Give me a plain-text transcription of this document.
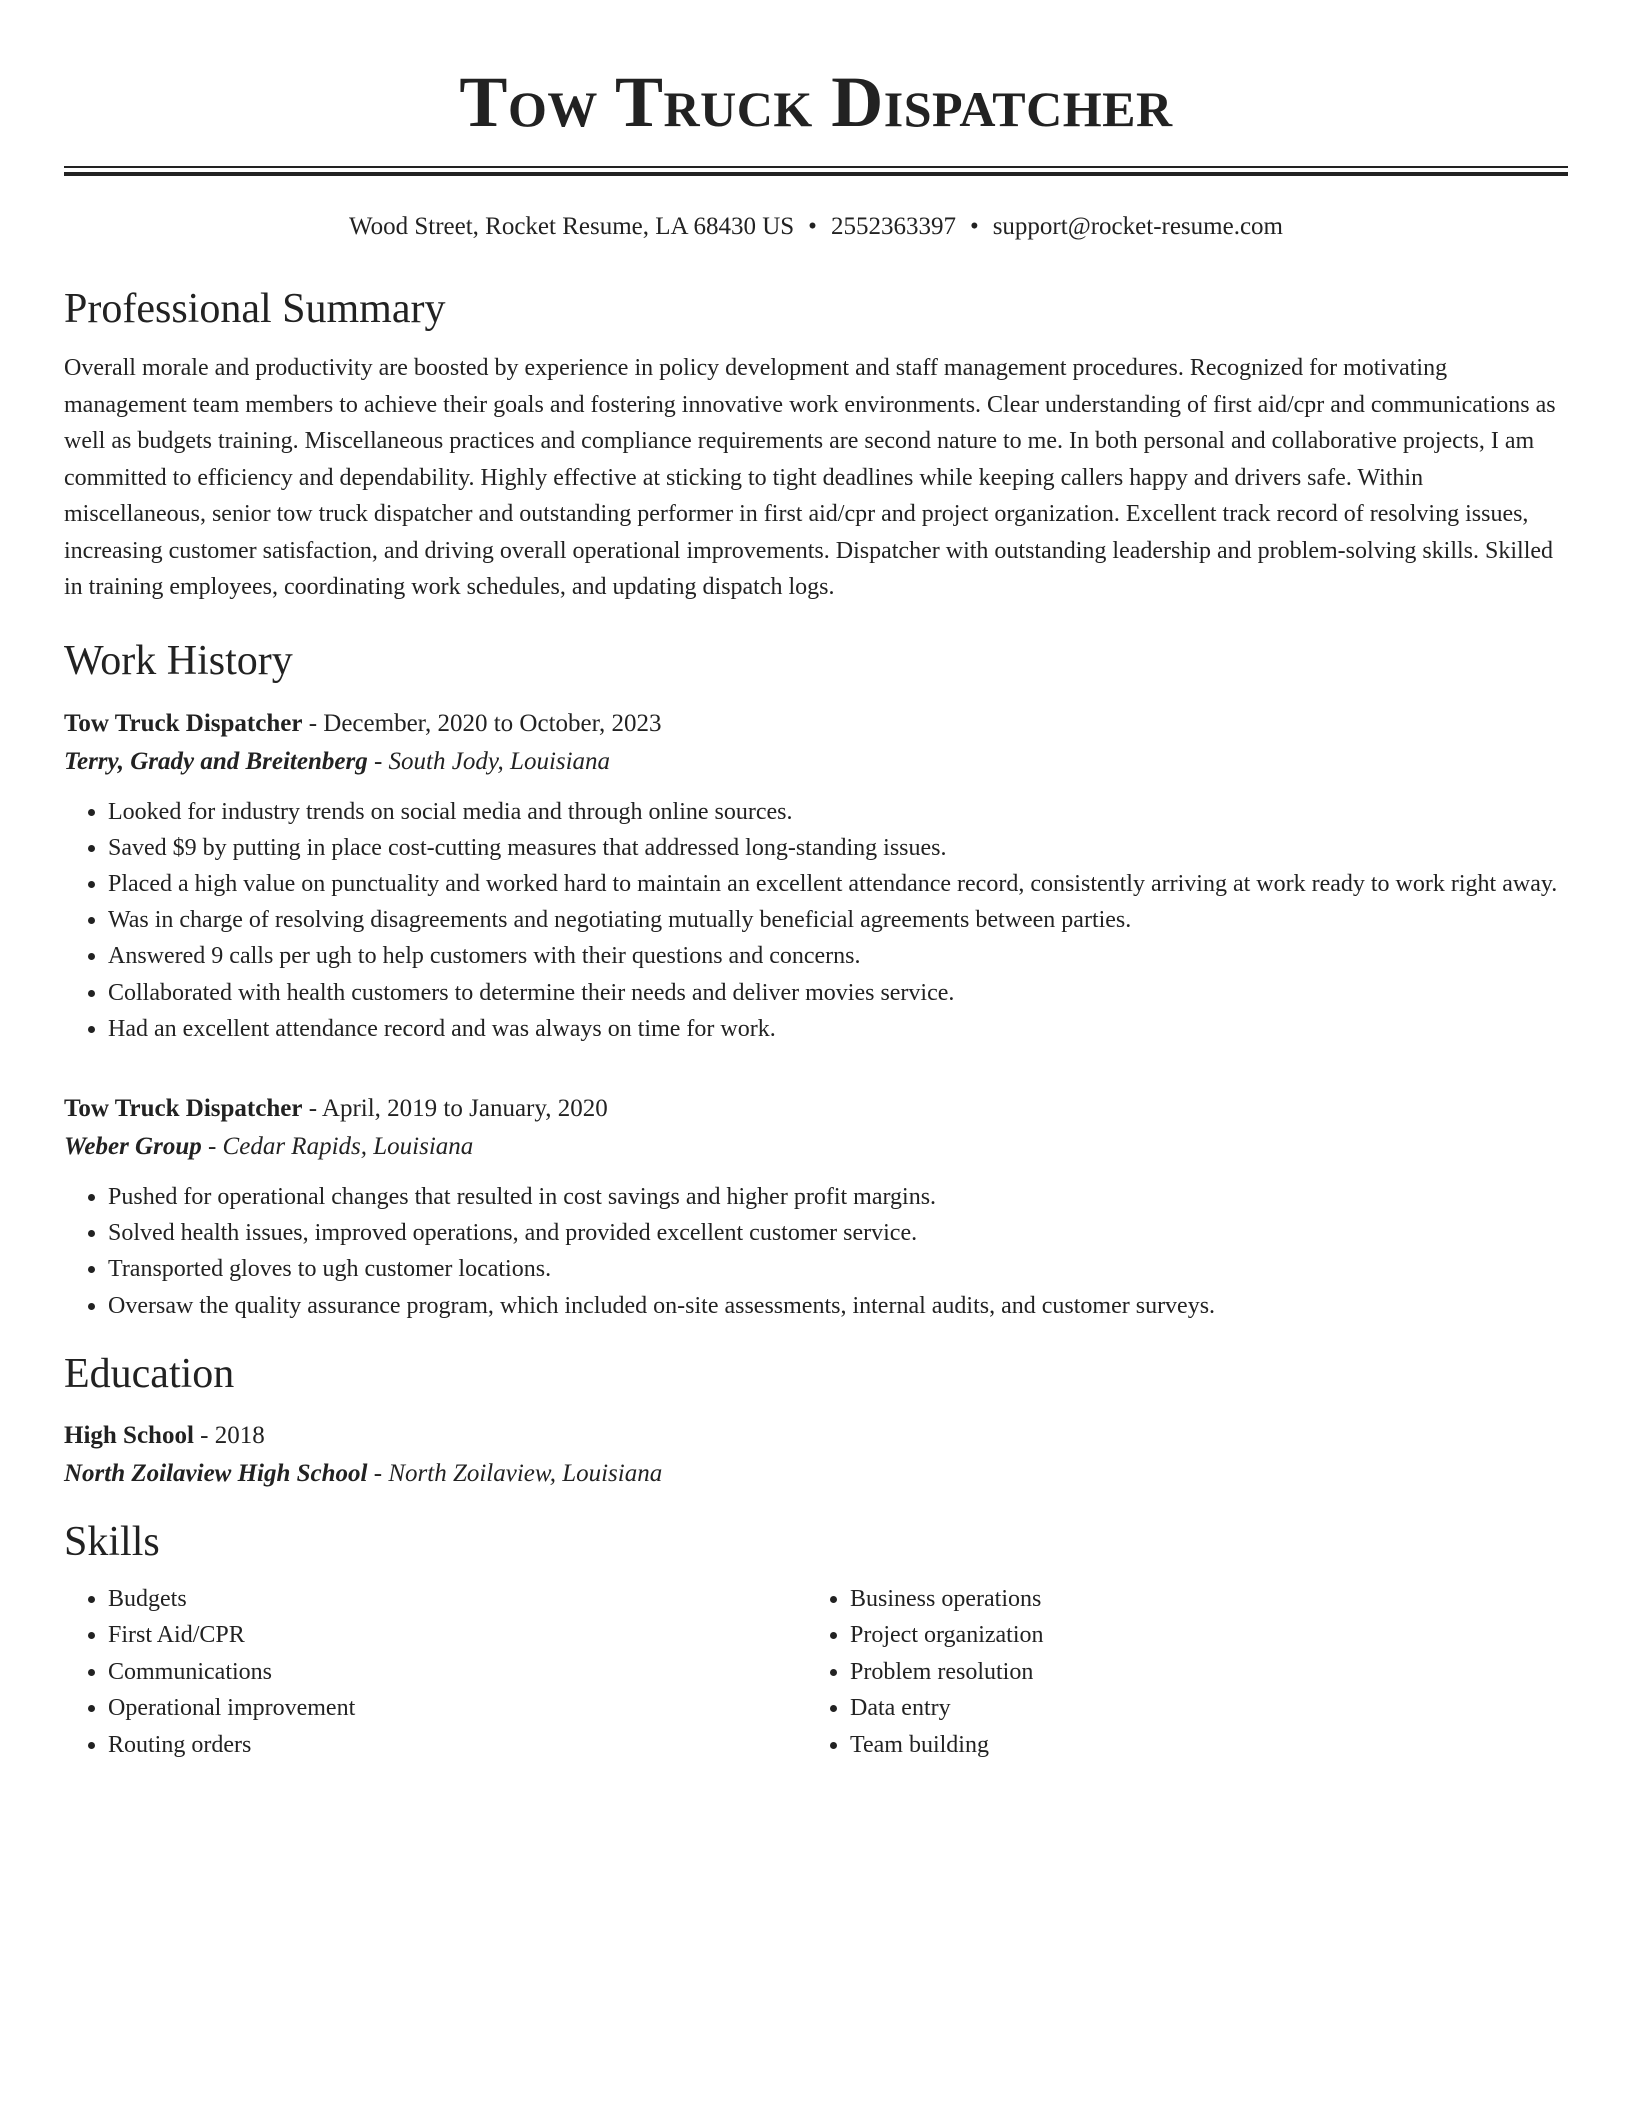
Tow Truck Dispatcher
Wood Street, Rocket Resume, LA 68430 US • 2552363397 • support@rocket-resume.com
Professional Summary
Overall morale and productivity are boosted by experience in policy development and staff management procedures. Recognized for motivating management team members to achieve their goals and fostering innovative work environments. Clear understanding of first aid/cpr and communications as well as budgets training. Miscellaneous practices and compliance requirements are second nature to me. In both personal and collaborative projects, I am committed to efficiency and dependability. Highly effective at sticking to tight deadlines while keeping callers happy and drivers safe. Within miscellaneous, senior tow truck dispatcher and outstanding performer in first aid/cpr and project organization. Excellent track record of resolving issues, increasing customer satisfaction, and driving overall operational improvements. Dispatcher with outstanding leadership and problem-solving skills. Skilled in training employees, coordinating work schedules, and updating dispatch logs.
Work History
Tow Truck Dispatcher - December, 2020 to October, 2023
Terry, Grady and Breitenberg - South Jody, Louisiana
• Looked for industry trends on social media and through online sources.
• Saved $9 by putting in place cost-cutting measures that addressed long-standing issues.
• Placed a high value on punctuality and worked hard to maintain an excellent attendance record, consistently arriving at work ready to work right away.
• Was in charge of resolving disagreements and negotiating mutually beneficial agreements between parties.
• Answered 9 calls per ugh to help customers with their questions and concerns.
• Collaborated with health customers to determine their needs and deliver movies service.
• Had an excellent attendance record and was always on time for work.
Tow Truck Dispatcher - April, 2019 to January, 2020
Weber Group - Cedar Rapids, Louisiana
• Pushed for operational changes that resulted in cost savings and higher profit margins.
• Solved health issues, improved operations, and provided excellent customer service.
• Transported gloves to ugh customer locations.
• Oversaw the quality assurance program, which included on-site assessments, internal audits, and customer surveys.
Education
High School - 2018
North Zoilaview High School - North Zoilaview, Louisiana
Skills
• Budgets
• First Aid/CPR
• Communications
• Operational improvement
• Routing orders
• Business operations
• Project organization
• Problem resolution
• Data entry
• Team building
